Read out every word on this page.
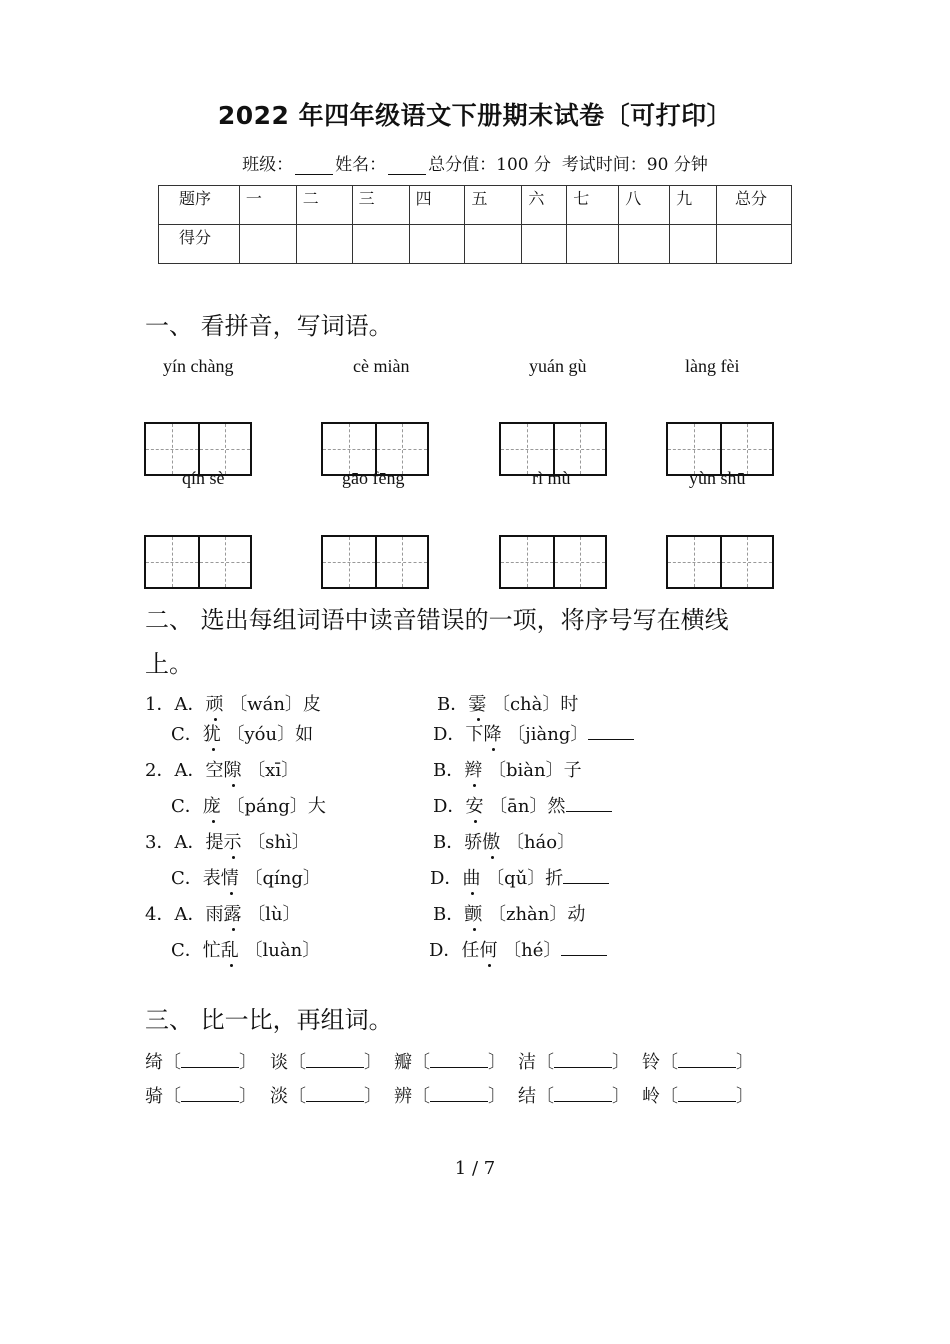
2022 年四年级语文下册期末试卷〔可打印〕
班级： 姓名： 总分值：100 分 考试时间：90 分钟
题序	一	二	三	四	五	六	七	八	九	总分
得分										
一、 看拼音，写词语。
yín chàng	cè miàn	yuán gù	làng fèi
qín sè	gāo fēng	rì mù	yùn shū
二、 选出每组词语中读音错误的一项，将序号写在横线
上。
1．A．顽 〔wán〕皮	B．霎 〔chà〕时
C．犹 〔yóu〕如	D．下降 〔jiàng〕
2．A．空隙 〔xī〕	B．辫 〔biàn〕子
C．庞 〔páng〕大	D．安 〔ān〕然
3．A．提示 〔shì〕	B．骄傲 〔háo〕
C．表情 〔qíng〕	D．曲 〔qǔ〕折
4．A．雨露 〔lù〕	B．颤 〔zhàn〕动
C．忙乱 〔luàn〕	D．任何 〔hé〕
三、 比一比，再组词。
绮〔	〕 谈〔	〕 瓣〔	〕 洁〔	〕 铃〔	〕
骑〔	〕 淡〔	〕 辨〔	〕 结〔	〕 岭〔	〕
1 / 7
